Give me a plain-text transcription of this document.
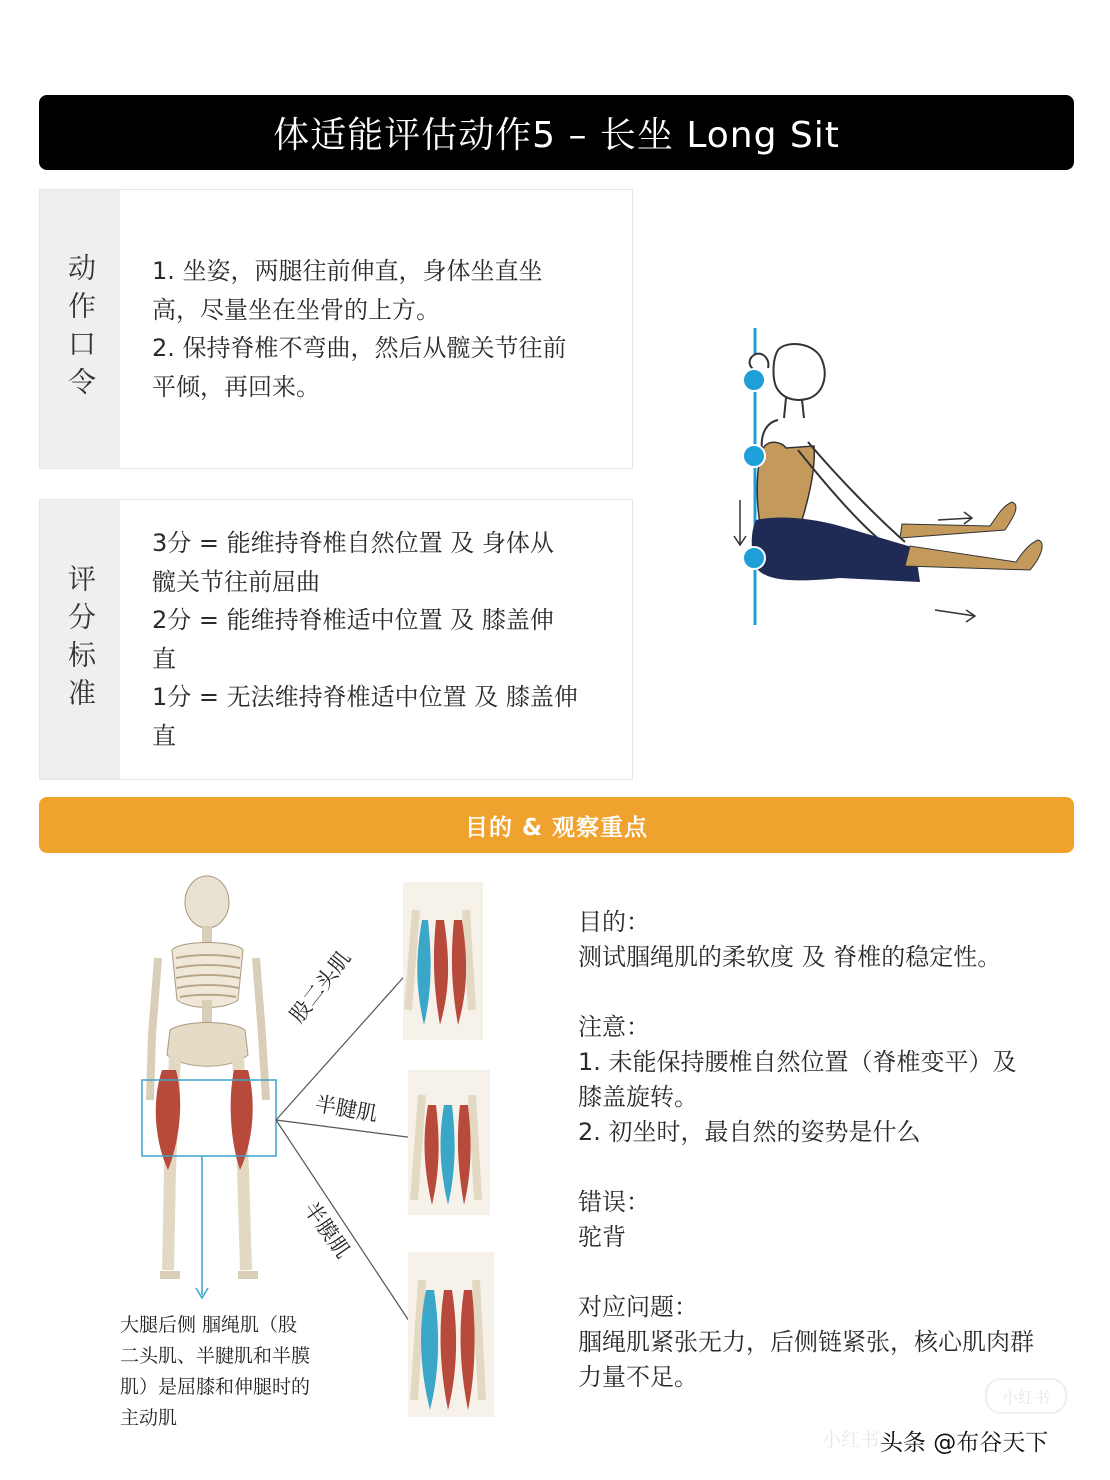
体适能评估动作5 – 长坐 Long Sit
动作口令 1. 坐姿，两腿往前伸直，身体坐直坐
高，尽量坐在坐骨的上方。
2. 保持脊椎不弯曲，然后从髋关节往前
平倾，再回来。
评分标准
3分 = 能维持脊椎自然位置 及 身体从
髋关节往前屈曲
2分 = 能维持脊椎适中位置 及 膝盖伸
直
1分 = 无法维持脊椎适中位置 及 膝盖伸
直
目的 & 观察重点
股二头肌
半腱肌
半膜肌
大腿后侧 腘绳肌（股
二头肌、半腱肌和半膜
肌）是屈膝和伸腿时的
主动肌
目的：
测试腘绳肌的柔软度 及 脊椎的稳定性。
注意：
1. 未能保持腰椎自然位置（脊椎变平）及
膝盖旋转。
2. 初坐时，最自然的姿势是什么
错误：
驼背
对应问题：
腘绳肌紧张无力，后侧链紧张，核心肌肉群
力量不足。
小红书
小红书 头条 @布谷天下
